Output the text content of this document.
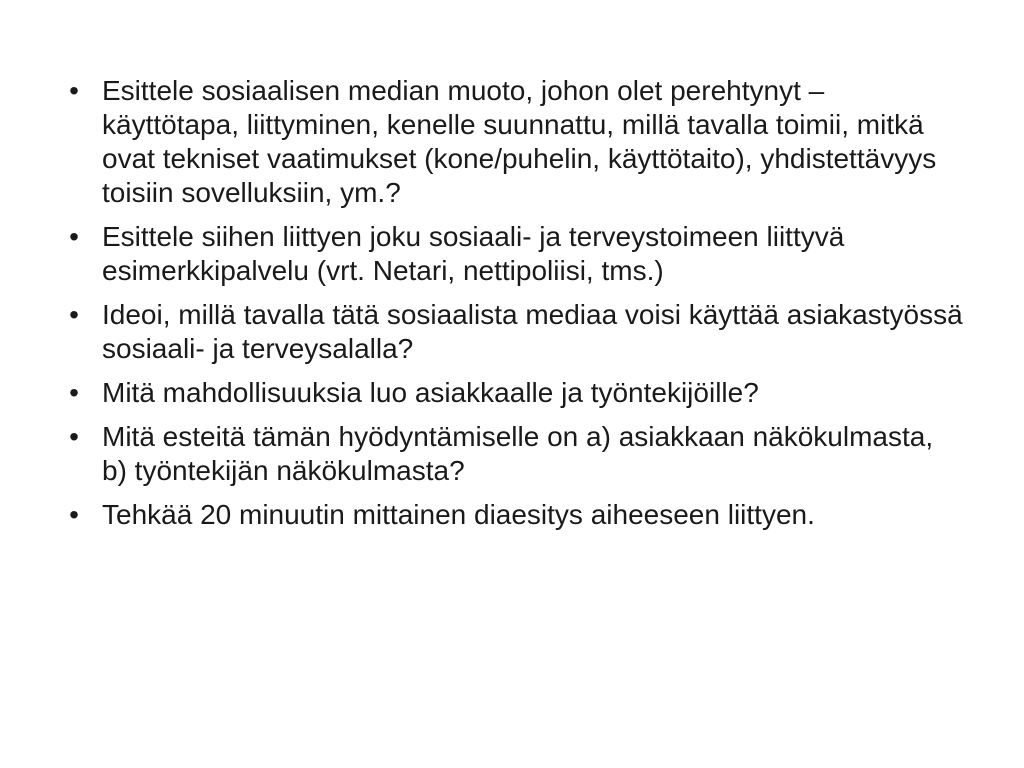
• Esittele sosiaalisen median muoto, johon olet perehtynyt – käyttötapa, liittyminen, kenelle suunnattu, millä tavalla toimii, mitkä ovat tekniset vaatimukset (kone/puhelin, käyttötaito), yhdistettävyys toisiin sovelluksiin, ym.?
• Esittele siihen liittyen joku sosiaali- ja terveystoimeen liittyvä esimerkkipalvelu (vrt. Netari, nettipoliisi, tms.)
• Ideoi, millä tavalla tätä sosiaalista mediaa voisi käyttää asiakastyössä sosiaali- ja terveysalalla?
• Mitä mahdollisuuksia luo asiakkaalle ja työntekijöille?
• Mitä esteitä tämän hyödyntämiselle on a) asiakkaan näkökulmasta, b) työntekijän näkökulmasta?
• Tehkää 20 minuutin mittainen diaesitys aiheeseen liittyen.
